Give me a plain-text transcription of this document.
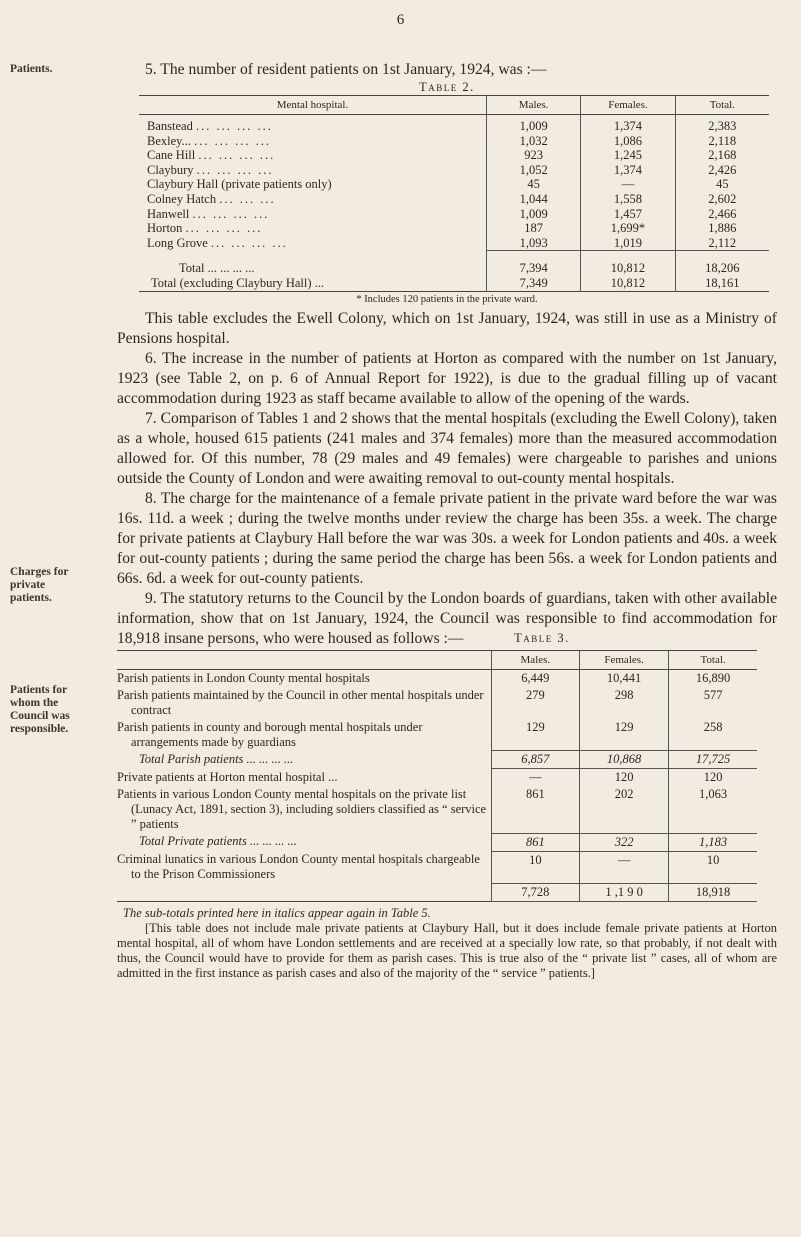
6
Patients.
Charges for
private
patients.
Patients for
whom the
Council was
responsible.

5. The number of resident patients on 1st January, 1924, was :—

Table 2.
Mental hospital.	Males.	Females.	Total.
Banstead ... ... ... ...	1,009	1,374	2,383
Bexley... ... ... ... ...	1,032	1,086	2,118
Cane Hill ... ... ... ...	923	1,245	2,168
Claybury ... ... ... ...	1,052	1,374	2,426
Claybury Hall (private patients only)	45	—	45
Colney Hatch ... ... ...	1,044	1,558	2,602
Hanwell ... ... ... ...	1,009	1,457	2,466
Horton ... ... ... ...	187	1,699*	1,886
Long Grove ... ... ... ...	1,093	1,019	2,112
Total ... ... ... ...	7,394	10,812	18,206
Total (excluding Claybury Hall) ...	7,349	10,812	18,161
* Includes 120 patients in the private ward.

This table excludes the Ewell Colony, which on 1st January, 1924, was still in use as a Ministry of Pensions hospital.

6. The increase in the number of patients at Horton as compared with the number on 1st January, 1923 (see Table 2, on p. 6 of Annual Report for 1922), is due to the gradual filling up of vacant accommodation during 1923 as staff became available to allow of the opening of the wards.

7. Comparison of Tables 1 and 2 shows that the mental hospitals (excluding the Ewell Colony), taken as a whole, housed 615 patients (241 males and 374 females) more than the measured accommodation allowed for. Of this number, 78 (29 males and 49 females) were chargeable to parishes and unions outside the County of London and were awaiting removal to out-county mental hospitals.

8. The charge for the maintenance of a female private patient in the private ward before the war was 16s. 11d. a week ; during the twelve months under review the charge has been 35s. a week. The charge for private patients at Claybury Hall before the war was 30s. a week for London patients and 40s. a week for out-county patients ; during the same period the charge has been 56s. a week for London patients and 66s. 6d. a week for out-county patients.

9. The statutory returns to the Council by the London boards of guardians, taken with other available information, show that on 1st January, 1924, the Council was responsible to find accommodation for 18,918 insane persons, who were housed as follows :—	Table 3.
	Males.	Females.	Total.
Parish patients in London County mental hospitals	6,449	10,441	16,890
Parish patients maintained by the Council in other mental hospitals under contract	279	298	577
Parish patients in county and borough mental hospitals under arrangements made by guardians	129	129	258
Total Parish patients ... ... ... ...	6,857	10,868	17,725
Private patients at Horton mental hospital ...	—	120	120
Patients in various London County mental hospitals on the private list (Lunacy Act, 1891, section 3), including soldiers classified as “ service ” patients	861	202	1,063
Total Private patients ... ... ... ...	861	322	1,183
Criminal lunatics in various London County mental hospitals chargeable to the Prison Commissioners	10	—	10
	7,728	1 ,1 9 0	18,918

The sub-totals printed here in italics appear again in Table 5.

[This table does not include male private patients at Claybury Hall, but it does include female private patients at Horton mental hospital, all of whom have London settlements and are received at a specially low rate, so that probably, if not dealt with thus, the Council would have to provide for them as parish cases. This is true also of the “ private list ” cases, all of whom are admitted in the first instance as parish cases and also of the majority of the “ service ” patients.]
